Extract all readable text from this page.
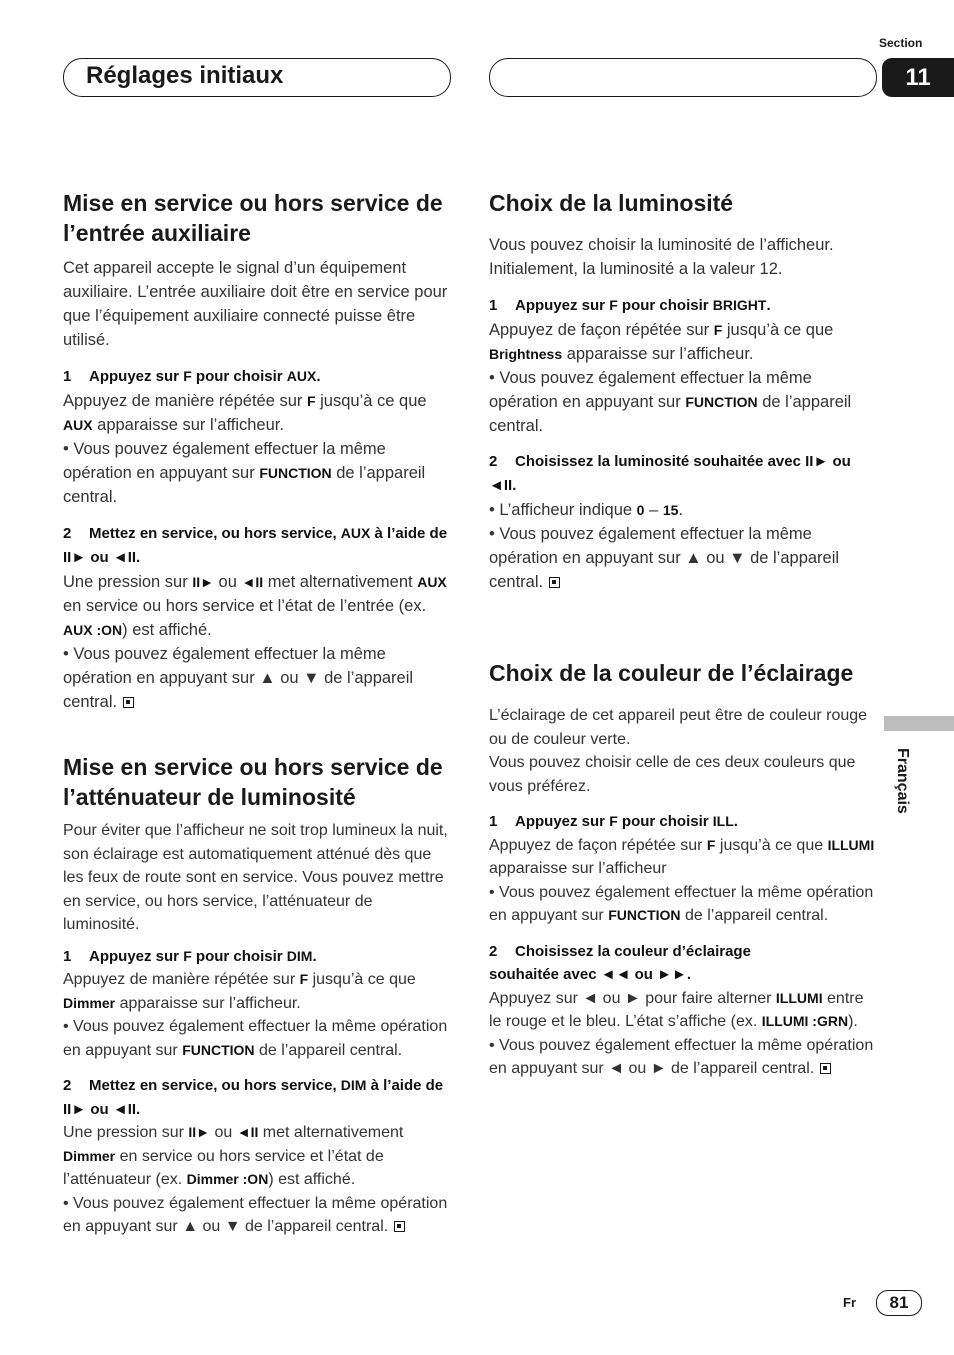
Section
Réglages initiaux	11
Français
Mise en service ou hors service de l’entrée auxiliaire
Cet appareil accepte le signal d’un équipement auxiliaire. L’entrée auxiliaire doit être en service pour que l’équipement auxiliaire connecté puisse être utilisé.
1 Appuyez sur F pour choisir AUX.
Appuyez de manière répétée sur F jusqu’à ce que AUX apparaisse sur l’afficheur.
• Vous pouvez également effectuer la même opération en appuyant sur FUNCTION de l’appareil central.
2 Mettez en service, ou hors service, AUX à l’aide de II► ou ◄II.
Une pression sur II► ou ◄II met alternativement AUX en service ou hors service et l’état de l’entrée (ex. AUX :ON) est affiché.
• Vous pouvez également effectuer la même opération en appuyant sur ▲ ou ▼ de l’appareil central.
Mise en service ou hors service de l’atténuateur de luminosité
Pour éviter que l’afficheur ne soit trop lumineux la nuit, son éclairage est automatiquement atténué dès que les feux de route sont en service. Vous pouvez mettre en service, ou hors service, l’atténuateur de luminosité.
1 Appuyez sur F pour choisir DIM.
Appuyez de manière répétée sur F jusqu’à ce que Dimmer apparaisse sur l’afficheur.
• Vous pouvez également effectuer la même opération en appuyant sur FUNCTION de l’appareil central.
2 Mettez en service, ou hors service, DIM à l’aide de II► ou ◄II.
Une pression sur II► ou ◄II met alternativement Dimmer en service ou hors service et l’état de l’atténuateur (ex. Dimmer :ON) est affiché.
• Vous pouvez également effectuer la même opération en appuyant sur ▲ ou ▼ de l’appareil central.
Choix de la luminosité
Vous pouvez choisir la luminosité de l’afficheur. Initialement, la luminosité a la valeur 12.
1 Appuyez sur F pour choisir BRIGHT.
Appuyez de façon répétée sur F jusqu’à ce que Brightness apparaisse sur l’afficheur.
• Vous pouvez également effectuer la même opération en appuyant sur FUNCTION de l’appareil central.
2 Choisissez la luminosité souhaitée avec II► ou ◄II.
• L’afficheur indique 0 – 15.
• Vous pouvez également effectuer la même opération en appuyant sur ▲ ou ▼ de l’appareil central.
Choix de la couleur de l’éclairage
L’éclairage de cet appareil peut être de couleur rouge ou de couleur verte.
Vous pouvez choisir celle de ces deux couleurs que vous préférez.
1 Appuyez sur F pour choisir ILL.
Appuyez de façon répétée sur F jusqu’à ce que ILLUMI apparaisse sur l’afficheur
• Vous pouvez également effectuer la même opération en appuyant sur FUNCTION de l’appareil central.
2 Choisissez la couleur d’éclairage souhaitée avec ◄◄ ou ►►.
Appuyez sur ◄ ou ► pour faire alterner ILLUMI entre le rouge et le bleu. L’état s’affiche (ex. ILLUMI :GRN).
• Vous pouvez également effectuer la même opération en appuyant sur ◄ ou ► de l’appareil central.
Fr	81
